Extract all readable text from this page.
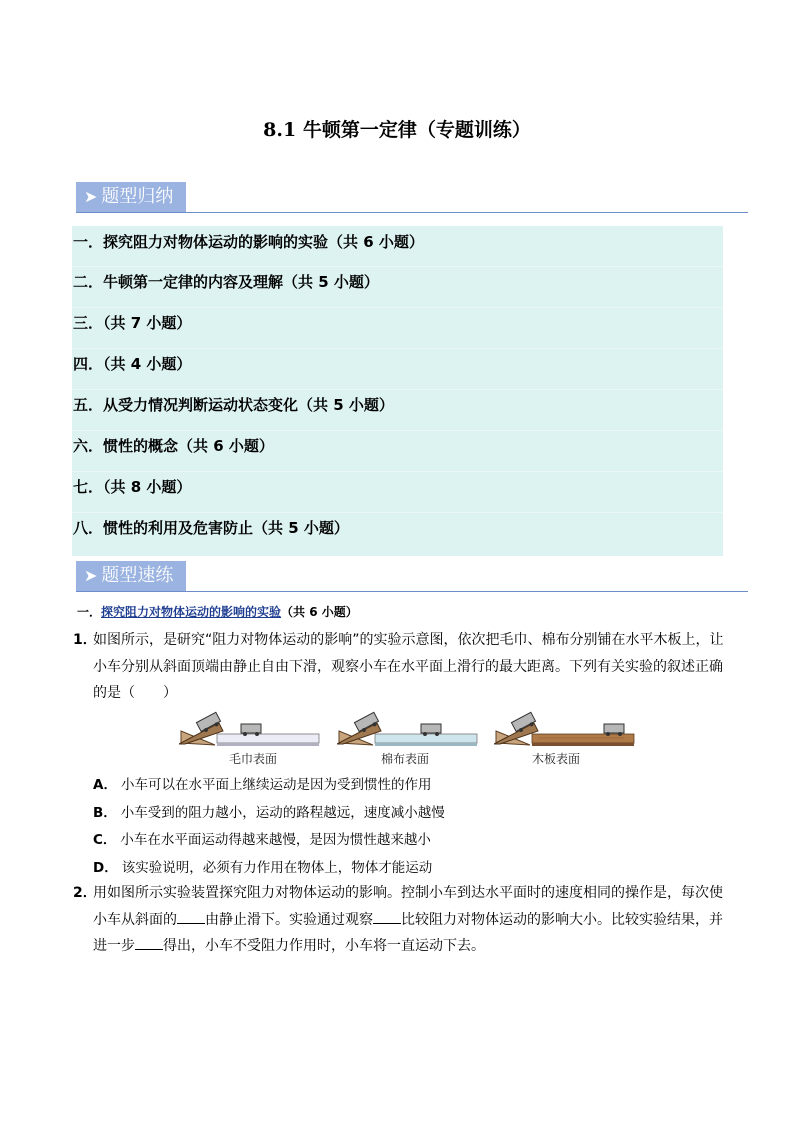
8.1 牛顿第一定律（专题训练）
➤ 题型归纳
一．探究阻力对物体运动的影响的实验（共 6 小题）
二．牛顿第一定律的内容及理解（共 5 小题）
三．（共 7 小题）
四．（共 4 小题）
五．从受力情况判断运动状态变化（共 5 小题）
六．惯性的概念（共 6 小题）
七．（共 8 小题）
八．惯性的利用及危害防止（共 5 小题）
➤ 题型速练
一．探究阻力对物体运动的影响的实验（共 6 小题）
1．
如图所示，是研究“阻力对物体运动的影响”的实验示意图，依次把毛巾、棉布分别铺在水平木板上，让小车分别从斜面顶端由静止自由下滑，观察小车在水平面上滑行的最大距离。下列有关实验的叙述正确的是（　　）
毛巾表面	棉布表面	木板表面
A． 小车可以在水平面上继续运动是因为受到惯性的作用
B． 小车受到的阻力越小，运动的路程越远，速度减小越慢
C． 小车在水平面运动得越来越慢，是因为惯性越来越小
D． 该实验说明，必须有力作用在物体上，物体才能运动
2．
用如图所示实验装置探究阻力对物体运动的影响。控制小车到达水平面时的速度相同的操作是，每次使小车从斜面的 由静止滑下。实验通过观察 比较阻力对物体运动的影响大小。比较实验结果，并进一步 得出，小车不受阻力作用时，小车将一直运动下去。
